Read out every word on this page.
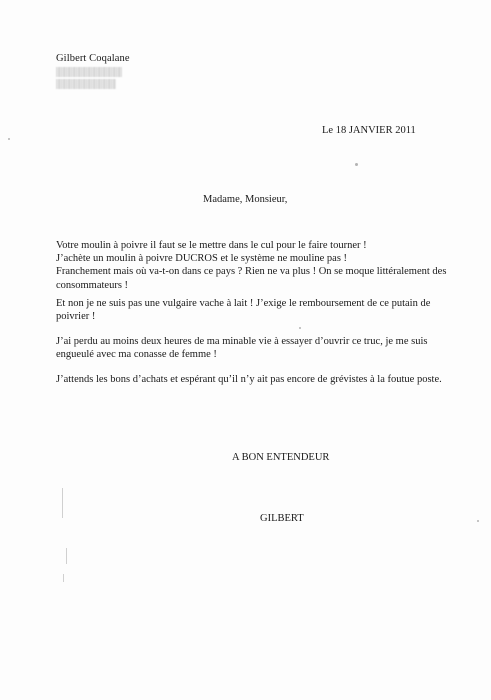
Gilbert Coqalane
Le 18 JANVIER 2011
Madame, Monsieur,
Votre moulin à poivre il faut se le mettre dans le cul pour le faire tourner !
J’achète un moulin à poivre DUCROS et le système ne mouline pas !
Franchement mais où va-t-on dans ce pays ? Rien ne va plus ! On se moque littéralement des
consommateurs !
Et non je ne suis pas une vulgaire vache à lait ! J’exige le remboursement de ce putain de
poivrier !
J’ai perdu au moins deux heures de ma minable vie à essayer d’ouvrir ce truc, je me suis
engueulé avec ma conasse de femme !
J’attends les bons d’achats et espérant qu’il n’y ait pas encore de grévistes à la foutue poste.
A BON ENTENDEUR
GILBERT
